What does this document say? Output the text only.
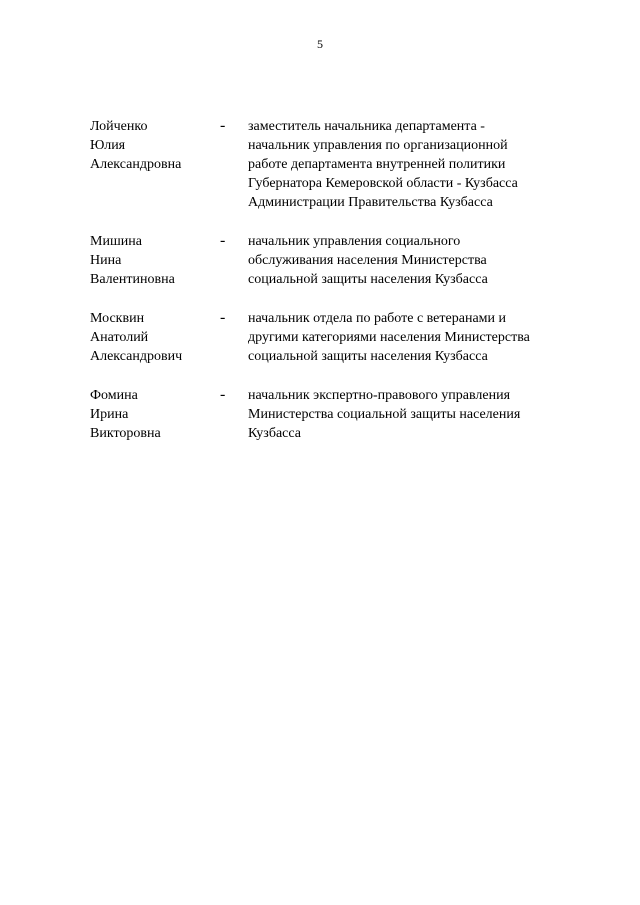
5
Лойченко
Юлия
Александровна
-	заместитель начальника департамента -
начальник управления по организационной
работе департамента внутренней политики
Губернатора Кемеровской области - Кузбасса
Администрации Правительства Кузбасса
Мишина
Нина
Валентиновна
-	начальник управления социального
обслуживания населения Министерства
социальной защиты населения Кузбасса
Москвин
Анатолий
Александрович
-	начальник отдела по работе с ветеранами и
другими категориями населения Министерства
социальной защиты населения Кузбасса
Фомина
Ирина
Викторовна
-	начальник экспертно-правового управления
Министерства социальной защиты населения
Кузбасса
